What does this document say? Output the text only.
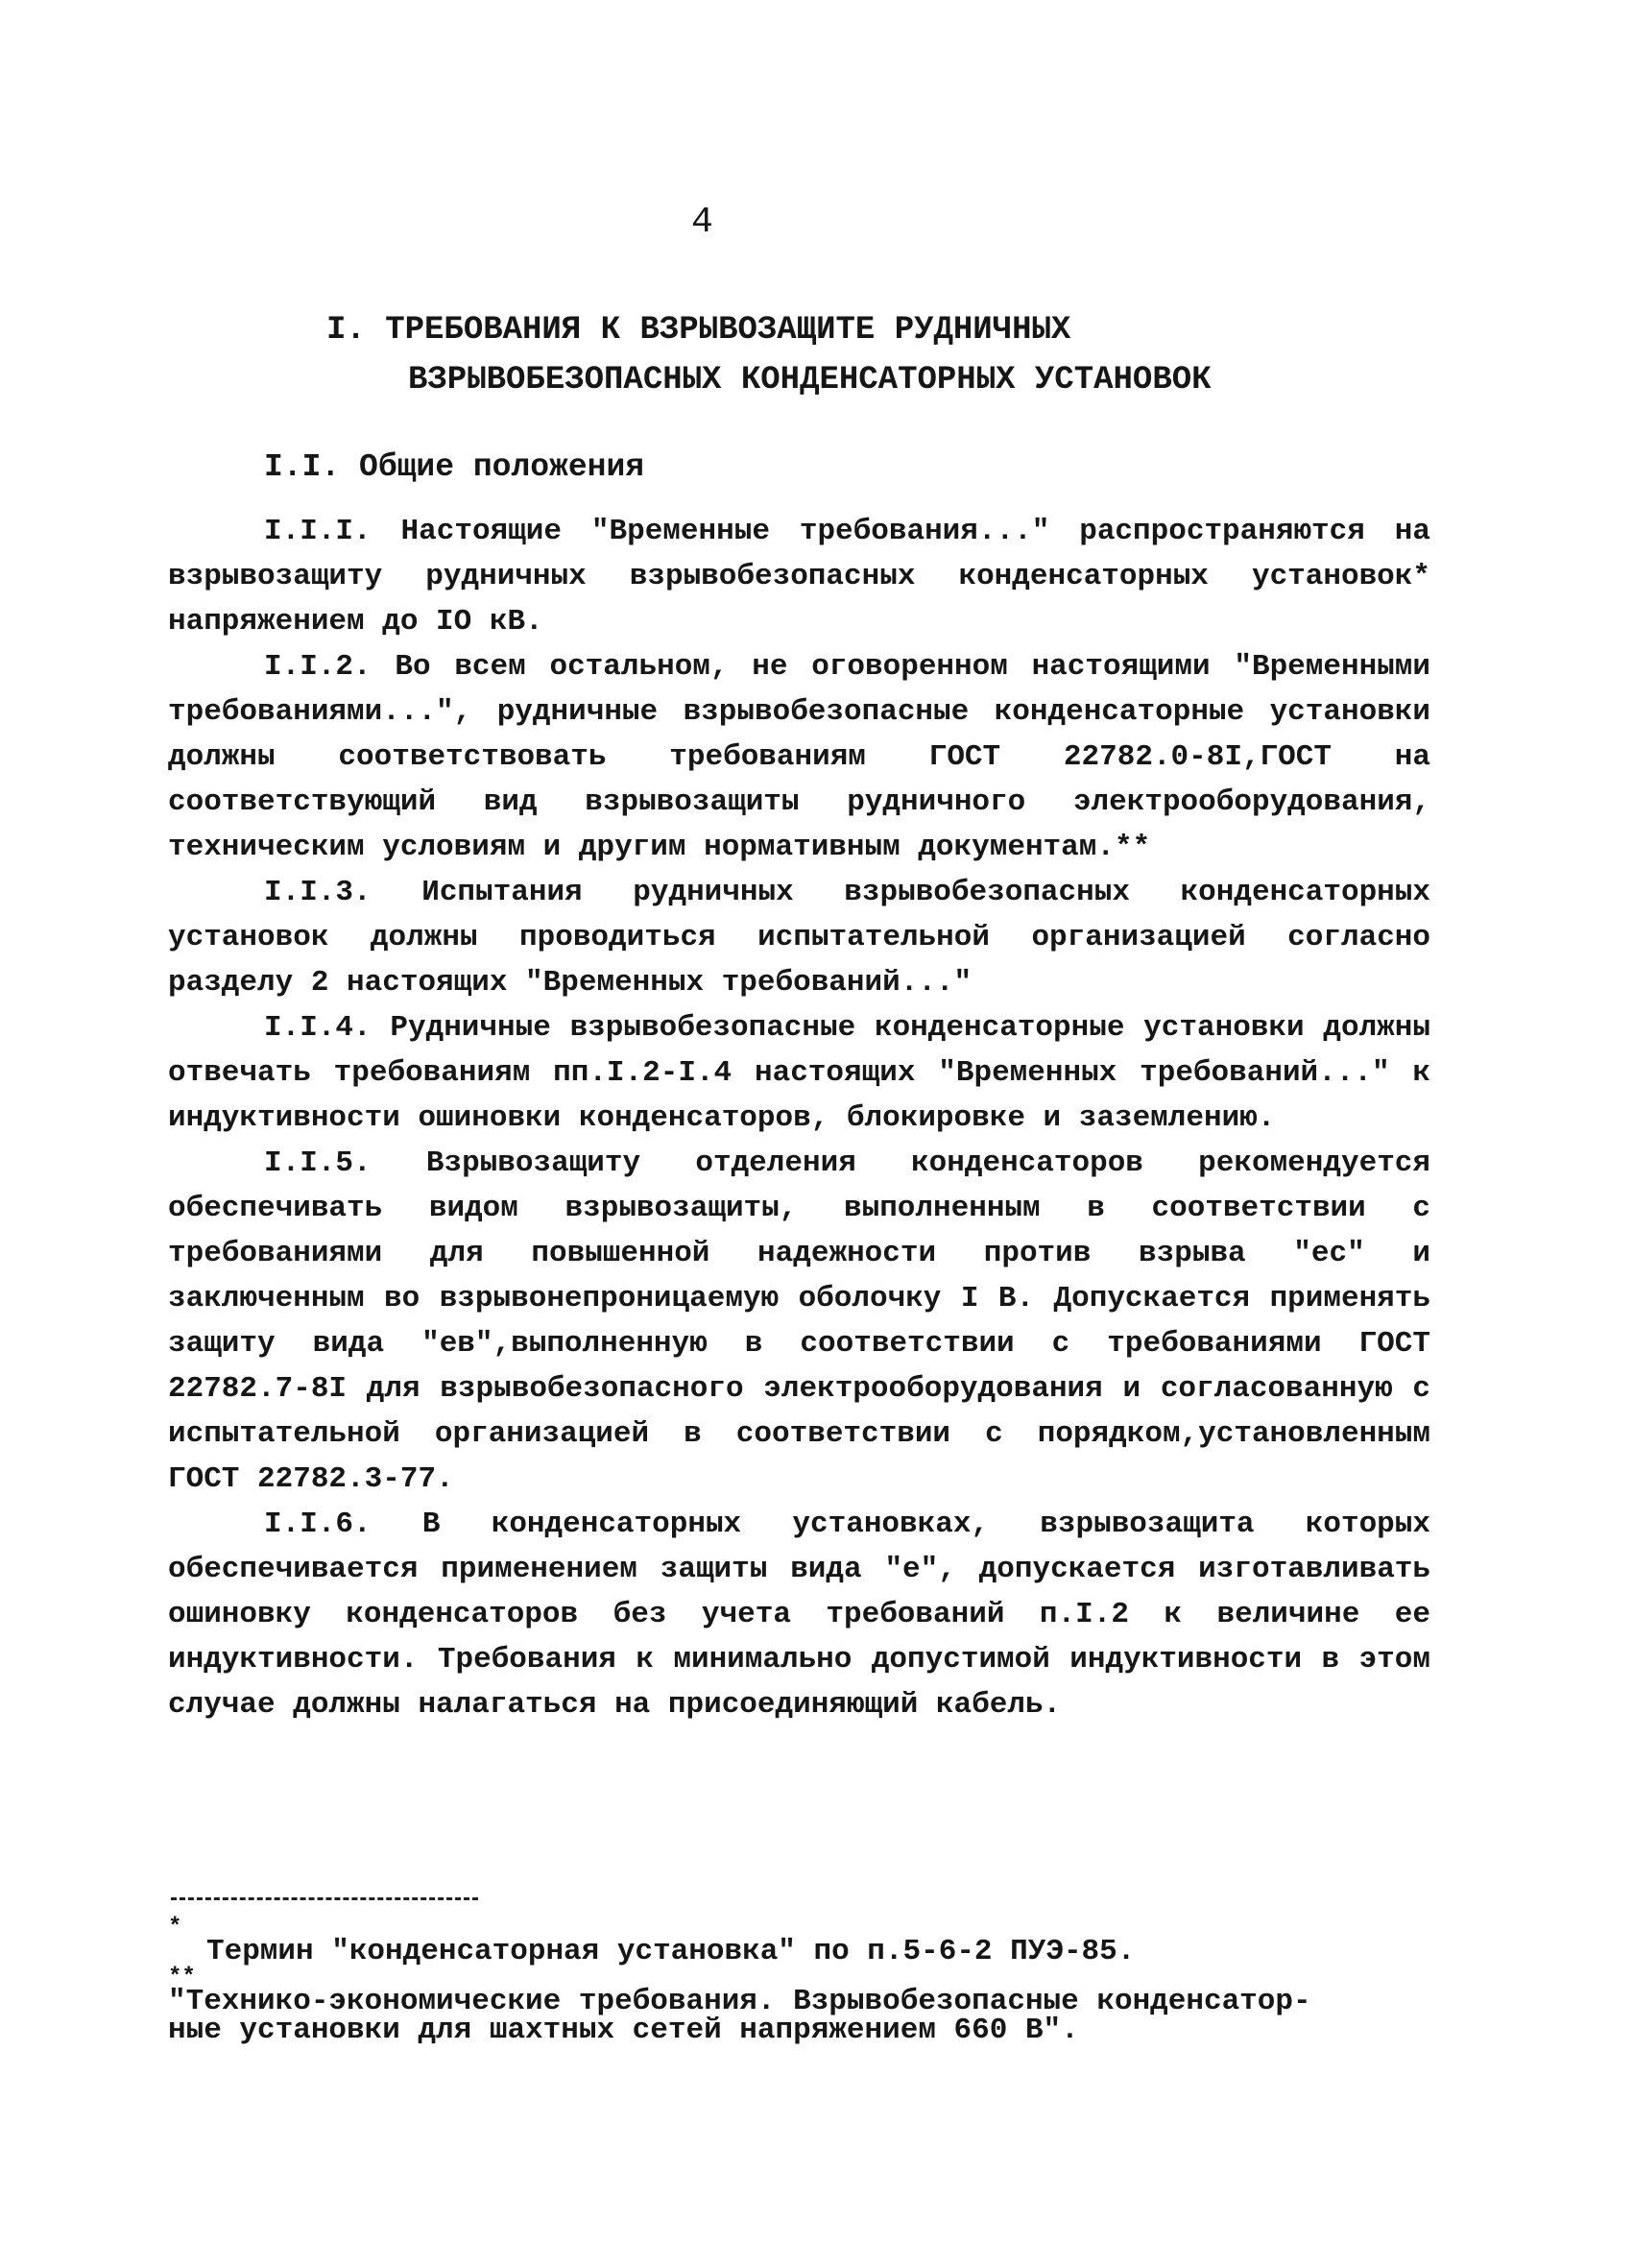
4
I. ТРЕБОВАНИЯ К ВЗРЫВОЗАЩИТЕ РУДНИЧНЫХ
ВЗРЫВОБЕЗОПАСНЫХ КОНДЕНСАТОРНЫХ УСТАНОВОК
I.I. Общие положения

I.I.I. Настоящие "Временные требования..." распространяются на взрывозащиту рудничных взрывобезопасных конденсаторных установок* напряжением до IO кВ.

I.I.2. Во всем остальном, не оговоренном настоящими "Временными требованиями...", рудничные взрывобезопасные конденсаторные установки должны соответствовать требованиям ГОСТ 22782.0-8I,ГОСТ на соответствующий вид взрывозащиты рудничного электрооборудования, техническим условиям и другим нормативным документам.**

I.I.3. Испытания рудничных взрывобезопасных конденсаторных установок должны проводиться испытательной организацией согласно разделу 2 настоящих "Временных требований..."

I.I.4. Рудничные взрывобезопасные конденсаторные установки должны отвечать требованиям пп.I.2-I.4 настоящих "Временных требований..." к индуктивности ошиновки конденсаторов, блокировке и заземлению.

I.I.5. Взрывозащиту отделения конденсаторов рекомендуется обеспечивать видом взрывозащиты, выполненным в соответствии с требованиями для повышенной надежности против взрыва "ес" и заключенным во взрывонепроницаемую оболочку I В. Допускается применять защиту вида "ев",выполненную в соответствии с требованиями ГОСТ 22782.7-8I для взрывобезопасного электрооборудования и согласованную с испытательной организацией в соответствии с порядком,установленным ГОСТ 22782.3-77.

I.I.6. В конденсаторных установках, взрывозащита которых обеспечивается применением защиты вида "е", допускается изготавливать ошиновку конденсаторов без учета требований п.I.2 к величине ее индуктивности. Требования к минимально допустимой индуктивности в этом случае должны налагаться на присоединяющий кабель.

*
Термин "конденсаторная установка" по п.5-6-2 ПУЭ-85.
**
"Технико-экономические требования. Взрывобезопасные конденсатор-
ные установки для шахтных сетей напряжением 660 В".
